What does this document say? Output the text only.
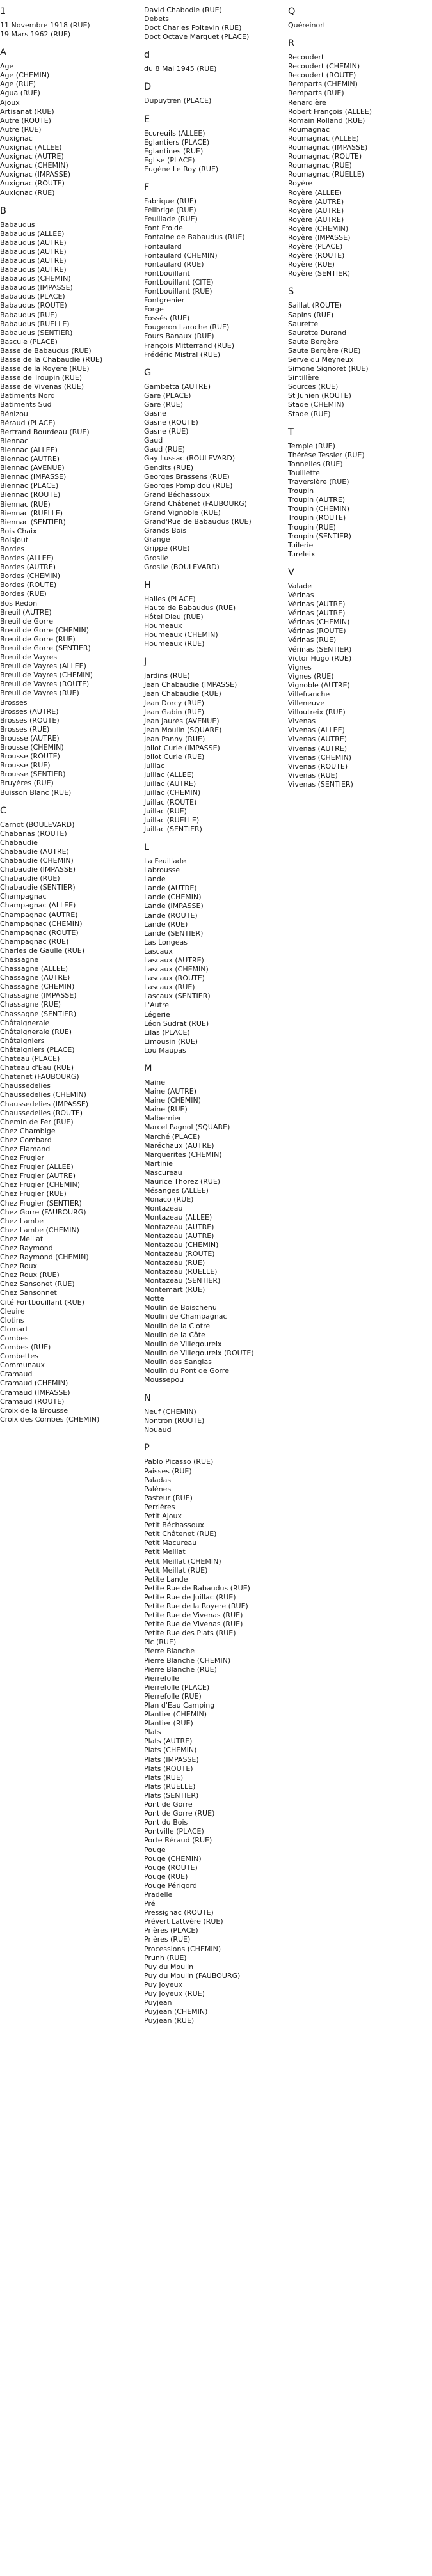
1
11 Novembre 1918 (RUE)
19 Mars 1962 (RUE)
A
Age
Age (CHEMIN)
Age (RUE)
Agua (RUE)
Ajoux
Artisanat (RUE)
Autre (ROUTE)
Autre (RUE)
Auxignac
Auxignac (ALLEE)
Auxignac (AUTRE)
Auxignac (CHEMIN)
Auxignac (IMPASSE)
Auxignac (ROUTE)
Auxignac (RUE)
B
Babaudus
Babaudus (ALLEE)
Babaudus (AUTRE)
Babaudus (AUTRE)
Babaudus (AUTRE)
Babaudus (AUTRE)
Babaudus (CHEMIN)
Babaudus (IMPASSE)
Babaudus (PLACE)
Babaudus (ROUTE)
Babaudus (RUE)
Babaudus (RUELLE)
Babaudus (SENTIER)
Bascule (PLACE)
Basse de Babaudus (RUE)
Basse de la Chabaudie (RUE)
Basse de la Royere (RUE)
Basse de Troupin (RUE)
Basse de Vivenas (RUE)
Batiments Nord
Batiments Sud
Bénizou
Béraud (PLACE)
Bertrand Bourdeau (RUE)
Biennac
Biennac (ALLEE)
Biennac (AUTRE)
Biennac (AVENUE)
Biennac (IMPASSE)
Biennac (PLACE)
Biennac (ROUTE)
Biennac (RUE)
Biennac (RUELLE)
Biennac (SENTIER)
Bois Chaix
Boisjout
Bordes
Bordes (ALLEE)
Bordes (AUTRE)
Bordes (CHEMIN)
Bordes (ROUTE)
Bordes (RUE)
Bos Redon
Breuil (AUTRE)
Breuil de Gorre
Breuil de Gorre (CHEMIN)
Breuil de Gorre (RUE)
Breuil de Gorre (SENTIER)
Breuil de Vayres
Breuil de Vayres (ALLEE)
Breuil de Vayres (CHEMIN)
Breuil de Vayres (ROUTE)
Breuil de Vayres (RUE)
Brosses
Brosses (AUTRE)
Brosses (ROUTE)
Brosses (RUE)
Brousse (AUTRE)
Brousse (CHEMIN)
Brousse (ROUTE)
Brousse (RUE)
Brousse (SENTIER)
Bruyères (RUE)
Buisson Blanc (RUE)
C
Carnot (BOULEVARD)
Chabanas (ROUTE)
Chabaudie
Chabaudie (AUTRE)
Chabaudie (CHEMIN)
Chabaudie (IMPASSE)
Chabaudie (RUE)
Chabaudie (SENTIER)
Champagnac
Champagnac (ALLEE)
Champagnac (AUTRE)
Champagnac (CHEMIN)
Champagnac (ROUTE)
Champagnac (RUE)
Charles de Gaulle (RUE)
Chassagne
Chassagne (ALLEE)
Chassagne (AUTRE)
Chassagne (CHEMIN)
Chassagne (IMPASSE)
Chassagne (RUE)
Chassagne (SENTIER)
Châtaigneraie
Châtaigneraie (RUE)
Châtaigniers
Châtaigniers (PLACE)
Chateau (PLACE)
Chateau d'Eau (RUE)
Chatenet (FAUBOURG)
Chaussedelies
Chaussedelies (CHEMIN)
Chaussedelies (IMPASSE)
Chaussedelies (ROUTE)
Chemin de Fer (RUE)
Chez Chambige
Chez Combard
Chez Flamand
Chez Frugier
Chez Frugier (ALLEE)
Chez Frugier (AUTRE)
Chez Frugier (CHEMIN)
Chez Frugier (RUE)
Chez Frugier (SENTIER)
Chez Gorre (FAUBOURG)
Chez Lambe
Chez Lambe (CHEMIN)
Chez Meillat
Chez Raymond
Chez Raymond (CHEMIN)
Chez Roux
Chez Roux (RUE)
Chez Sansonet (RUE)
Chez Sansonnet
Cité Fontbouillant (RUE)
Cleuire
Clotins
Clomart
Combes
Combes (RUE)
Combettes
Communaux
Cramaud
Cramaud (CHEMIN)
Cramaud (IMPASSE)
Cramaud (ROUTE)
Croix de la Brousse
Croix des Combes (CHEMIN)
David Chabodie (RUE)
Debets
Doct Charles Poitevin (RUE)
Doct Octave Marquet (PLACE)
d
du 8 Mai 1945 (RUE)
D
Dupuytren (PLACE)
E
Ecureuils (ALLEE)
Eglantiers (PLACE)
Eglantines (RUE)
Eglise (PLACE)
Eugène Le Roy (RUE)
F
Fabrique (RUE)
Félibrige (RUE)
Feuillade (RUE)
Font Froide
Fontaine de Babaudus (RUE)
Fontaulard
Fontaulard (CHEMIN)
Fontaulard (RUE)
Fontbouillant
Fontbouillant (CITE)
Fontbouillant (RUE)
Fontgrenier
Forge
Fossés (RUE)
Fougeron Laroche (RUE)
Fours Banaux (RUE)
François Mitterrand (RUE)
Frédéric Mistral (RUE)
G
Gambetta (AUTRE)
Gare (PLACE)
Gare (RUE)
Gasne
Gasne (ROUTE)
Gasne (RUE)
Gaud
Gaud (RUE)
Gay Lussac (BOULEVARD)
Gendits (RUE)
Georges Brassens (RUE)
Georges Pompidou (RUE)
Grand Béchassoux
Grand Châtenet (FAUBOURG)
Grand Vignoble (RUE)
Grand'Rue de Babaudus (RUE)
Grands Bois
Grange
Grippe (RUE)
Groslie
Groslie (BOULEVARD)
H
Halles (PLACE)
Haute de Babaudus (RUE)
Hôtel Dieu (RUE)
Houmeaux
Houmeaux (CHEMIN)
Houmeaux (RUE)
J
Jardins (RUE)
Jean Chabaudie (IMPASSE)
Jean Chabaudie (RUE)
Jean Dorcy (RUE)
Jean Gabin (RUE)
Jean Jaurès (AVENUE)
Jean Moulin (SQUARE)
Jean Panny (RUE)
Joliot Curie (IMPASSE)
Joliot Curie (RUE)
Juillac
Juillac (ALLEE)
Juillac (AUTRE)
Juillac (CHEMIN)
Juillac (ROUTE)
Juillac (RUE)
Juillac (RUELLE)
Juillac (SENTIER)
L
La Feuillade
Labrousse
Lande
Lande (AUTRE)
Lande (CHEMIN)
Lande (IMPASSE)
Lande (ROUTE)
Lande (RUE)
Lande (SENTIER)
Las Longeas
Lascaux
Lascaux (AUTRE)
Lascaux (CHEMIN)
Lascaux (ROUTE)
Lascaux (RUE)
Lascaux (SENTIER)
L'Autre
Légerie
Léon Sudrat (RUE)
Lilas (PLACE)
Limousin (RUE)
Lou Maupas
M
Maine
Maine (AUTRE)
Maine (CHEMIN)
Maine (RUE)
Malbernier
Marcel Pagnol (SQUARE)
Marché (PLACE)
Maréchaux (AUTRE)
Marguerites (CHEMIN)
Martinie
Mascureau
Maurice Thorez (RUE)
Mésanges (ALLEE)
Monaco (RUE)
Montazeau
Montazeau (ALLEE)
Montazeau (AUTRE)
Montazeau (AUTRE)
Montazeau (CHEMIN)
Montazeau (ROUTE)
Montazeau (RUE)
Montazeau (RUELLE)
Montazeau (SENTIER)
Montemart (RUE)
Motte
Moulin de Boischenu
Moulin de Champagnac
Moulin de la Clotre
Moulin de la Côte
Moulin de Villegoureix
Moulin de Villegoureix (ROUTE)
Moulin des Sanglas
Moulin du Pont de Gorre
Moussepou
N
Neuf (CHEMIN)
Nontron (ROUTE)
Nouaud
P
Pablo Picasso (RUE)
Paisses (RUE)
Paladas
Palènes
Pasteur (RUE)
Perrières
Petit Ajoux
Petit Béchassoux
Petit Châtenet (RUE)
Petit Macureau
Petit Meillat
Petit Meillat (CHEMIN)
Petit Meillat (RUE)
Petite Lande
Petite Rue de Babaudus (RUE)
Petite Rue de Juillac (RUE)
Petite Rue de la Royere (RUE)
Petite Rue de Vivenas (RUE)
Petite Rue de Vivenas (RUE)
Petite Rue des Plats (RUE)
Pic (RUE)
Pierre Blanche
Pierre Blanche (CHEMIN)
Pierre Blanche (RUE)
Pierrefolle
Pierrefolle (PLACE)
Pierrefolle (RUE)
Plan d'Eau Camping
Plantier (CHEMIN)
Plantier (RUE)
Plats
Plats (AUTRE)
Plats (CHEMIN)
Plats (IMPASSE)
Plats (ROUTE)
Plats (RUE)
Plats (RUELLE)
Plats (SENTIER)
Pont de Gorre
Pont de Gorre (RUE)
Pont du Bois
Pontville (PLACE)
Porte Béraud (RUE)
Pouge
Pouge (CHEMIN)
Pouge (ROUTE)
Pouge (RUE)
Pouge Périgord
Pradelle
Pré
Pressignac (ROUTE)
Prévert Lattvère (RUE)
Prières (PLACE)
Prières (RUE)
Processions (CHEMIN)
Prunh (RUE)
Puy du Moulin
Puy du Moulin (FAUBOURG)
Puy Joyeux
Puy Joyeux (RUE)
Puyjean
Puyjean (CHEMIN)
Puyjean (RUE)
Q
Quéreinort
R
Recoudert
Recoudert (CHEMIN)
Recoudert (ROUTE)
Remparts (CHEMIN)
Remparts (RUE)
Renardière
Robert François (ALLEE)
Romain Rolland (RUE)
Roumagnac
Roumagnac (ALLEE)
Roumagnac (IMPASSE)
Roumagnac (ROUTE)
Roumagnac (RUE)
Roumagnac (RUELLE)
Royère
Royère (ALLEE)
Royère (AUTRE)
Royère (AUTRE)
Royère (AUTRE)
Royère (CHEMIN)
Royère (IMPASSE)
Royère (PLACE)
Royère (ROUTE)
Royère (RUE)
Royère (SENTIER)
S
Saillat (ROUTE)
Sapins (RUE)
Saurette
Saurette Durand
Saute Bergère
Saute Bergère (RUE)
Serve du Meyneux
Simone Signoret (RUE)
Sintillère
Sources (RUE)
St Junien (ROUTE)
Stade (CHEMIN)
Stade (RUE)
T
Temple (RUE)
Thérèse Tessier (RUE)
Tonnelles (RUE)
Touillette
Traversière (RUE)
Troupin
Troupin (AUTRE)
Troupin (CHEMIN)
Troupin (ROUTE)
Troupin (RUE)
Troupin (SENTIER)
Tuilerie
Tureleix
V
Valade
Vérinas
Vérinas (AUTRE)
Vérinas (AUTRE)
Vérinas (CHEMIN)
Vérinas (ROUTE)
Vérinas (RUE)
Vérinas (SENTIER)
Victor Hugo (RUE)
Vignes
Vignes (RUE)
Vignoble (AUTRE)
Villefranche
Villeneuve
Villoutreix (RUE)
Vivenas
Vivenas (ALLEE)
Vivenas (AUTRE)
Vivenas (AUTRE)
Vivenas (CHEMIN)
Vivenas (ROUTE)
Vivenas (RUE)
Vivenas (SENTIER)
